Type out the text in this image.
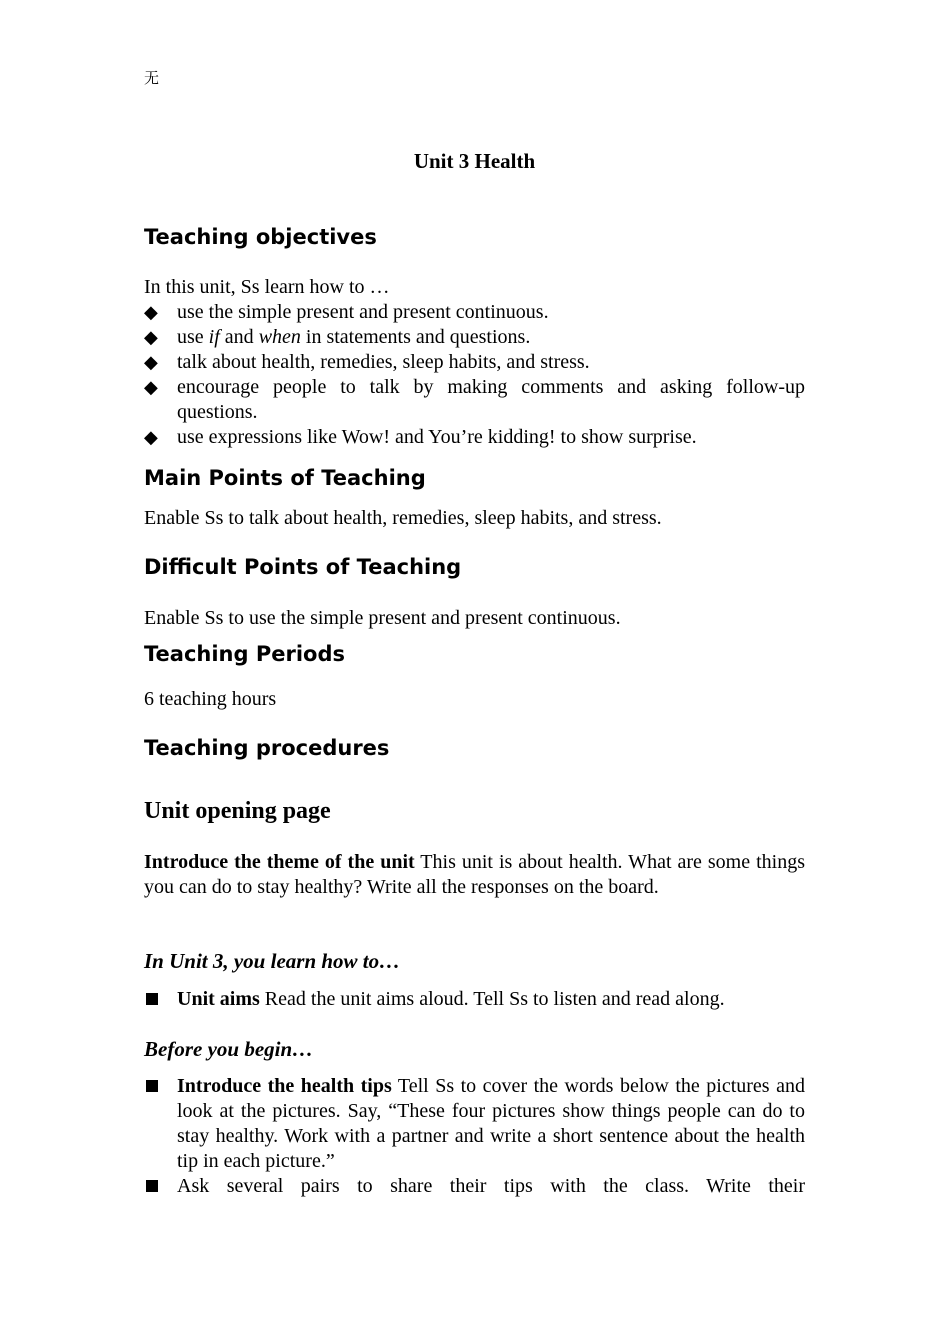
无
Unit 3 Health
Teaching objectives
In this unit, Ss learn how to …
◆ use the simple present and present continuous.
◆ use if and when in statements and questions.
◆ talk about health, remedies, sleep habits, and stress.
◆ encourage people to talk by making comments and asking follow-up questions.
◆ use expressions like Wow! and You’re kidding! to show surprise.
Main Points of Teaching
Enable Ss to talk about health, remedies, sleep habits, and stress.
Difficult Points of Teaching
Enable Ss to use the simple present and present continuous.
Teaching Periods
6 teaching hours
Teaching procedures
Unit opening page
Introduce the theme of the unit This unit is about health. What are some things you can do to stay healthy? Write all the responses on the board.
In Unit 3, you learn how to…
Unit aims Read the unit aims aloud. Tell Ss to listen and read along.
Before you begin…
Introduce the health tips Tell Ss to cover the words below the pictures and look at the pictures. Say, “These four pictures show things people can do to stay healthy. Work with a partner and write a short sentence about the health tip in each picture.”
Ask several pairs to share their tips with the class. Write their
